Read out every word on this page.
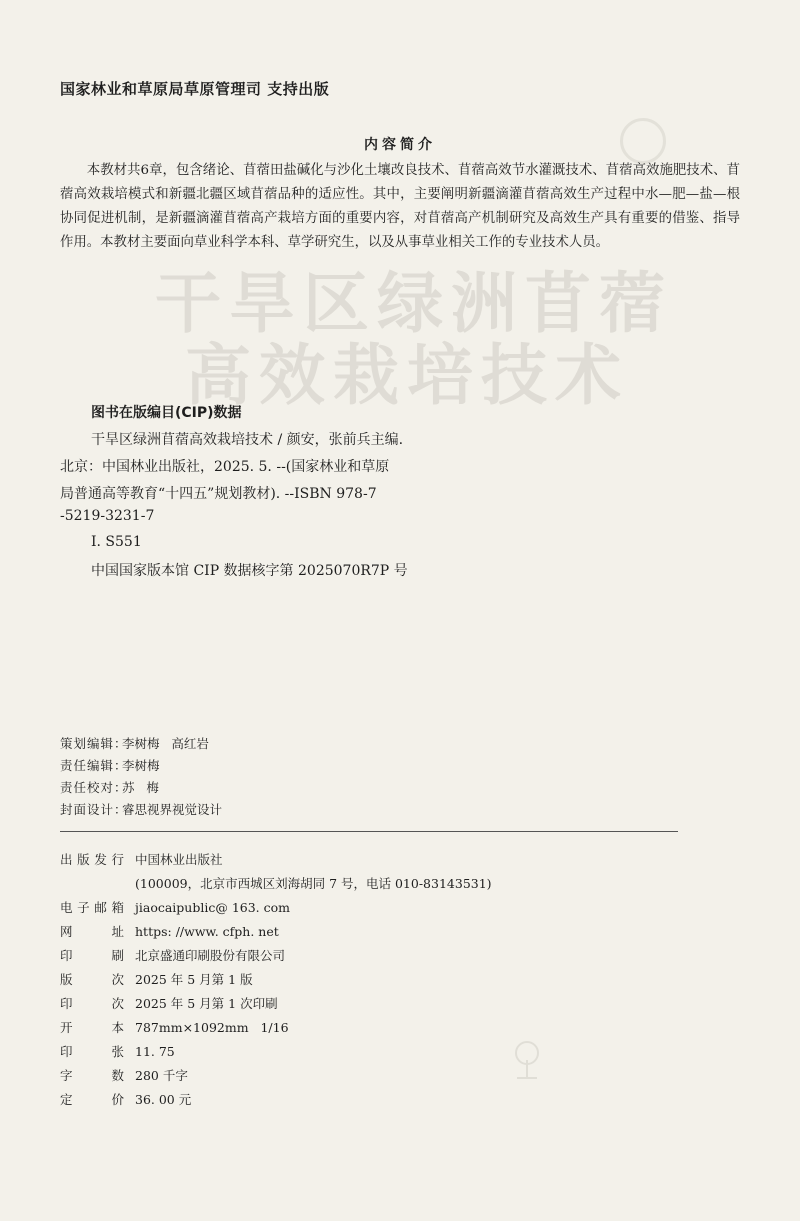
干旱区绿洲苜蓿
高效栽培技术
国家林业和草原局草原管理司 支持出版
内容简介
本教材共6章，包含绪论、苜蓿田盐碱化与沙化土壤改良技术、苜蓿高效节水灌溉技术、苜蓿高效施肥技术、苜蓿高效栽培模式和新疆北疆区域苜蓿品种的适应性。其中，主要阐明新疆滴灌苜蓿高效生产过程中水—肥—盐—根协同促进机制，是新疆滴灌苜蓿高产栽培方面的重要内容，对苜蓿高产机制研究及高效生产具有重要的借鉴、指导作用。本教材主要面向草业科学本科、草学研究生，以及从事草业相关工作的专业技术人员。
图书在版编目(CIP)数据
干旱区绿洲苜蓿高效栽培技术 / 颜安，张前兵主编.
北京：中国林业出版社，2025. 5. --(国家林业和草原
局普通高等教育“十四五”规划教材). --ISBN 978-7
-5219-3231-7
Ⅰ. S551
中国国家版本馆 CIP 数据核字第 2025070R7P 号
策划编辑：李树梅   高红岩
责任编辑：李树梅
责任校对：苏   梅
封面设计：睿思视界视觉设计
出版发行 中国林业出版社
(100009，北京市西城区刘海胡同 7 号，电话 010-83143531)
电子邮箱 jiaocaipublic@ 163. com
网址 https: //www. cfph. net
印刷 北京盛通印刷股份有限公司
版次 2025 年 5 月第 1 版
印次 2025 年 5 月第 1 次印刷
开本 787mm×1092mm   1/16
印张 11. 75
字数 280 千字
定价 36. 00 元
